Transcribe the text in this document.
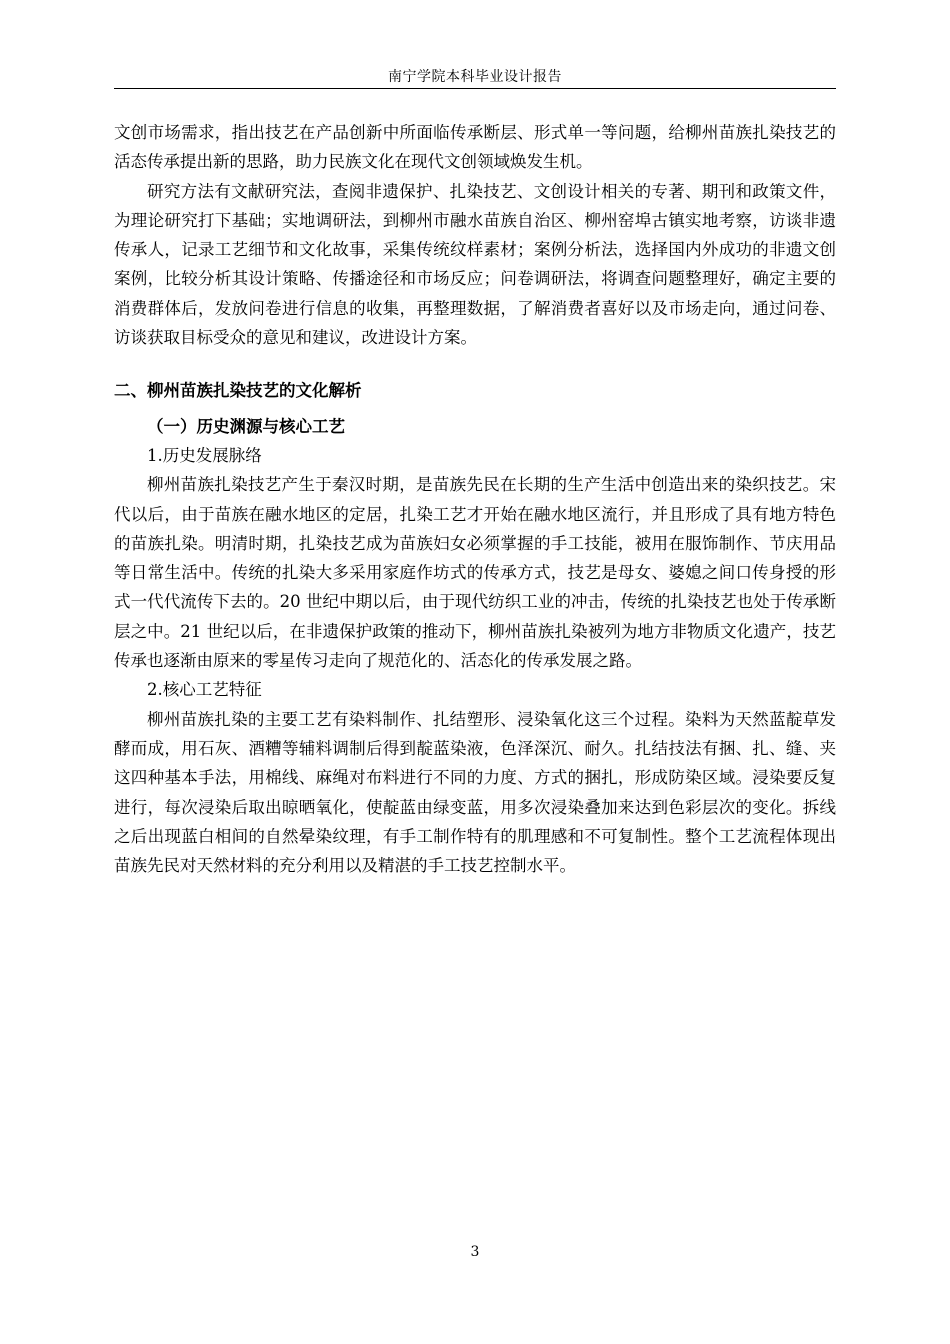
南宁学院本科毕业设计报告

文创市场需求，指出技艺在产品创新中所面临传承断层、形式单一等问题，给柳州苗族扎染技艺的活态传承提出新的思路，助力民族文化在现代文创领域焕发生机。

研究方法有文献研究法，查阅非遗保护、扎染技艺、文创设计相关的专著、期刊和政策文件，为理论研究打下基础；实地调研法，到柳州市融水苗族自治区、柳州窑埠古镇实地考察，访谈非遗传承人，记录工艺细节和文化故事，采集传统纹样素材；案例分析法，选择国内外成功的非遗文创案例，比较分析其设计策略、传播途径和市场反应；问卷调研法，将调查问题整理好，确定主要的消费群体后，发放问卷进行信息的收集，再整理数据，了解消费者喜好以及市场走向，通过问卷、访谈获取目标受众的意见和建议，改进设计方案。

二、柳州苗族扎染技艺的文化解析
（一）历史渊源与核心工艺

1.历史发展脉络

柳州苗族扎染技艺产生于秦汉时期，是苗族先民在长期的生产生活中创造出来的染织技艺。宋代以后，由于苗族在融水地区的定居，扎染工艺才开始在融水地区流行，并且形成了具有地方特色的苗族扎染。明清时期，扎染技艺成为苗族妇女必须掌握的手工技能，被用在服饰制作、节庆用品等日常生活中。传统的扎染大多采用家庭作坊式的传承方式，技艺是母女、婆媳之间口传身授的形式一代代流传下去的。20 世纪中期以后，由于现代纺织工业的冲击，传统的扎染技艺也处于传承断层之中。21 世纪以后，在非遗保护政策的推动下，柳州苗族扎染被列为地方非物质文化遗产，技艺传承也逐渐由原来的零星传习走向了规范化的、活态化的传承发展之路。

2.核心工艺特征

柳州苗族扎染的主要工艺有染料制作、扎结塑形、浸染氧化这三个过程。染料为天然蓝靛草发酵而成，用石灰、酒糟等辅料调制后得到靛蓝染液，色泽深沉、耐久。扎结技法有捆、扎、缝、夹这四种基本手法，用棉线、麻绳对布料进行不同的力度、方式的捆扎，形成防染区域。浸染要反复进行，每次浸染后取出晾晒氧化，使靛蓝由绿变蓝，用多次浸染叠加来达到色彩层次的变化。拆线之后出现蓝白相间的自然晕染纹理，有手工制作特有的肌理感和不可复制性。整个工艺流程体现出苗族先民对天然材料的充分利用以及精湛的手工技艺控制水平。

3
